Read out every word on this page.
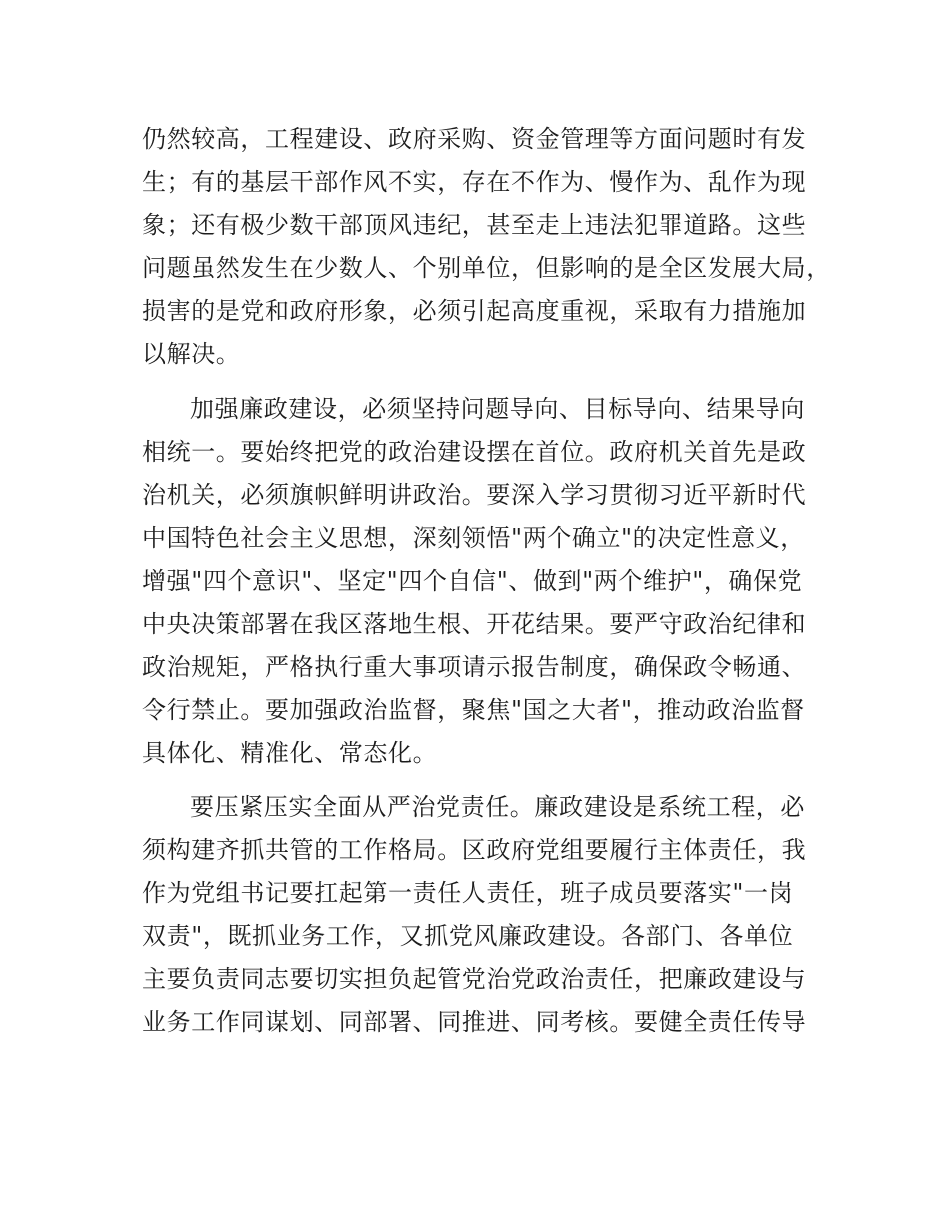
仍然较高，工程建设、政府采购、资金管理等方面问题时有发
生；有的基层干部作风不实，存在不作为、慢作为、乱作为现
象；还有极少数干部顶风违纪，甚至走上违法犯罪道路。这些
问题虽然发生在少数人、个别单位，但影响的是全区发展大局，
损害的是党和政府形象，必须引起高度重视，采取有力措施加
以解决。
加强廉政建设，必须坚持问题导向、目标导向、结果导向
相统一。要始终把党的政治建设摆在首位。政府机关首先是政
治机关，必须旗帜鲜明讲政治。要深入学习贯彻习近平新时代
中国特色社会主义思想，深刻领悟"两个确立"的决定性意义，
增强"四个意识"、坚定"四个自信"、做到"两个维护"，确保党
中央决策部署在我区落地生根、开花结果。要严守政治纪律和
政治规矩，严格执行重大事项请示报告制度，确保政令畅通、
令行禁止。要加强政治监督，聚焦"国之大者"，推动政治监督
具体化、精准化、常态化。
要压紧压实全面从严治党责任。廉政建设是系统工程，必
须构建齐抓共管的工作格局。区政府党组要履行主体责任，我
作为党组书记要扛起第一责任人责任，班子成员要落实"一岗
双责"，既抓业务工作，又抓党风廉政建设。各部门、各单位
主要负责同志要切实担负起管党治党政治责任，把廉政建设与
业务工作同谋划、同部署、同推进、同考核。要健全责任传导
